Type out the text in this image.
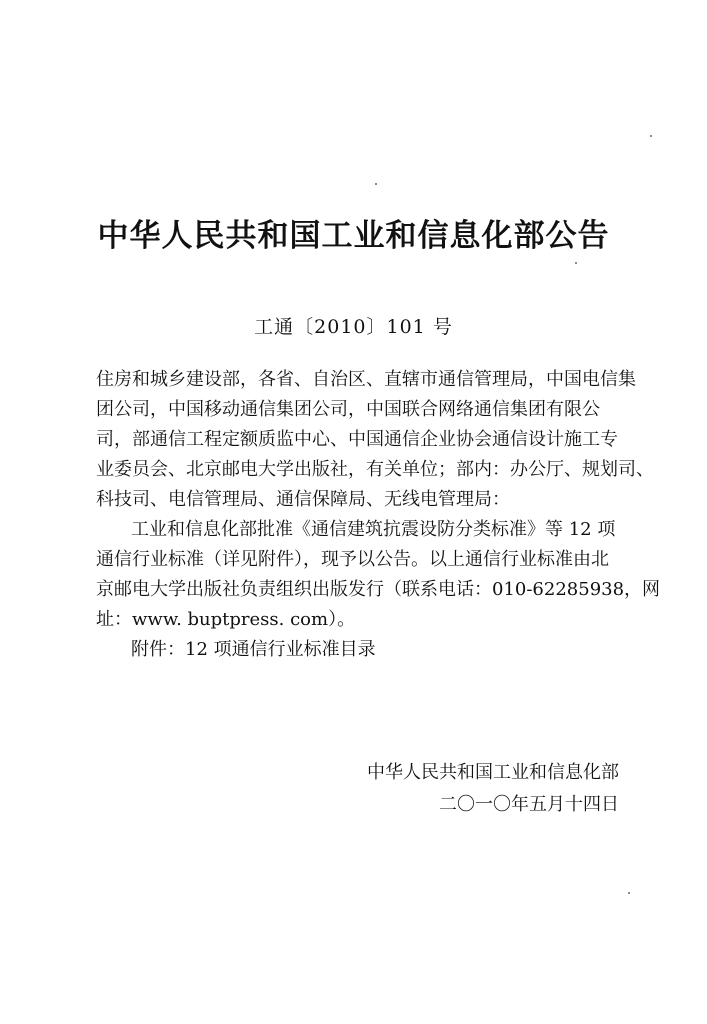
中华人民共和国工业和信息化部公告
工通〔2010〕101 号
住房和城乡建设部，各省、自治区、直辖市通信管理局，中国电信集
团公司，中国移动通信集团公司，中国联合网络通信集团有限公
司，部通信工程定额质监中心、中国通信企业协会通信设计施工专
业委员会、北京邮电大学出版社，有关单位；部内：办公厅、规划司、
科技司、电信管理局、通信保障局、无线电管理局：
工业和信息化部批准《通信建筑抗震设防分类标准》等 12 项
通信行业标准（详见附件），现予以公告。以上通信行业标准由北
京邮电大学出版社负责组织出版发行（联系电话：010-62285938，网
址：www. buptpress. com）。
附件：12 项通信行业标准目录
中华人民共和国工业和信息化部
二〇一〇年五月十四日
